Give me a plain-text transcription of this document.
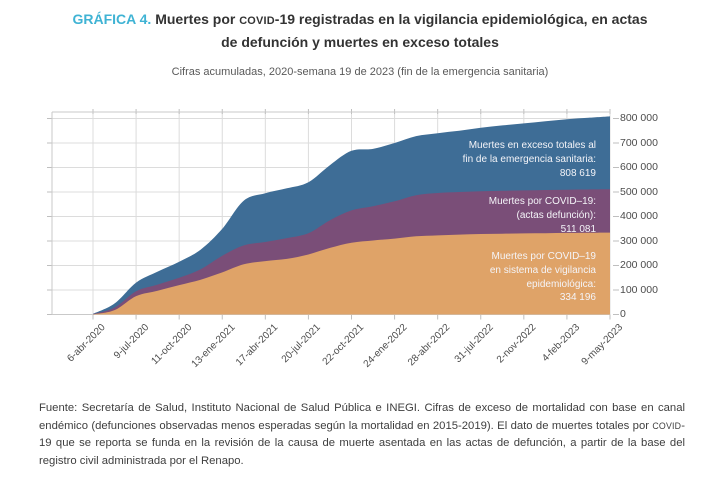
GRÁFICA 4. Muertes por COVID-19 registradas en la vigilancia epidemiológica, en actas
de defunción y muertes en exceso totales
Cifras acumuladas, 2020-semana 19 de 2023 (fin de la emergencia sanitaria)
0
100 000
200 000
300 000
400 000
500 000
600 000
700 000
800 000
6-abr-2020 9-jul-2020
11-oct-2020
13-ene-2021
17-abr-2021 20-jul-2021
22-oct-2021
24-ene-2022
28-abr-2022 31-jul-2022 2-nov-2022 4-feb-2023
9-may-2023
Muertes en exceso totales al
fin de la emergencia sanitaria:
808 619
Muertes por COVID–19:
(actas defunción):
511 081
Muertes por COVID–19
en sistema de vigilancia
epidemiológica:
334 196
Fuente: Secretaría de Salud, Instituto Nacional de Salud Pública e INEGI. Cifras de exceso de mortalidad con base en canal endémico (defunciones observadas menos esperadas según la mortalidad en 2015-2019). El dato de muertes totales por COVID-19 que se reporta se funda en la revisión de la causa de muerte asentada en las actas de defunción, a partir de la base del registro civil administrada por el Renapo.
